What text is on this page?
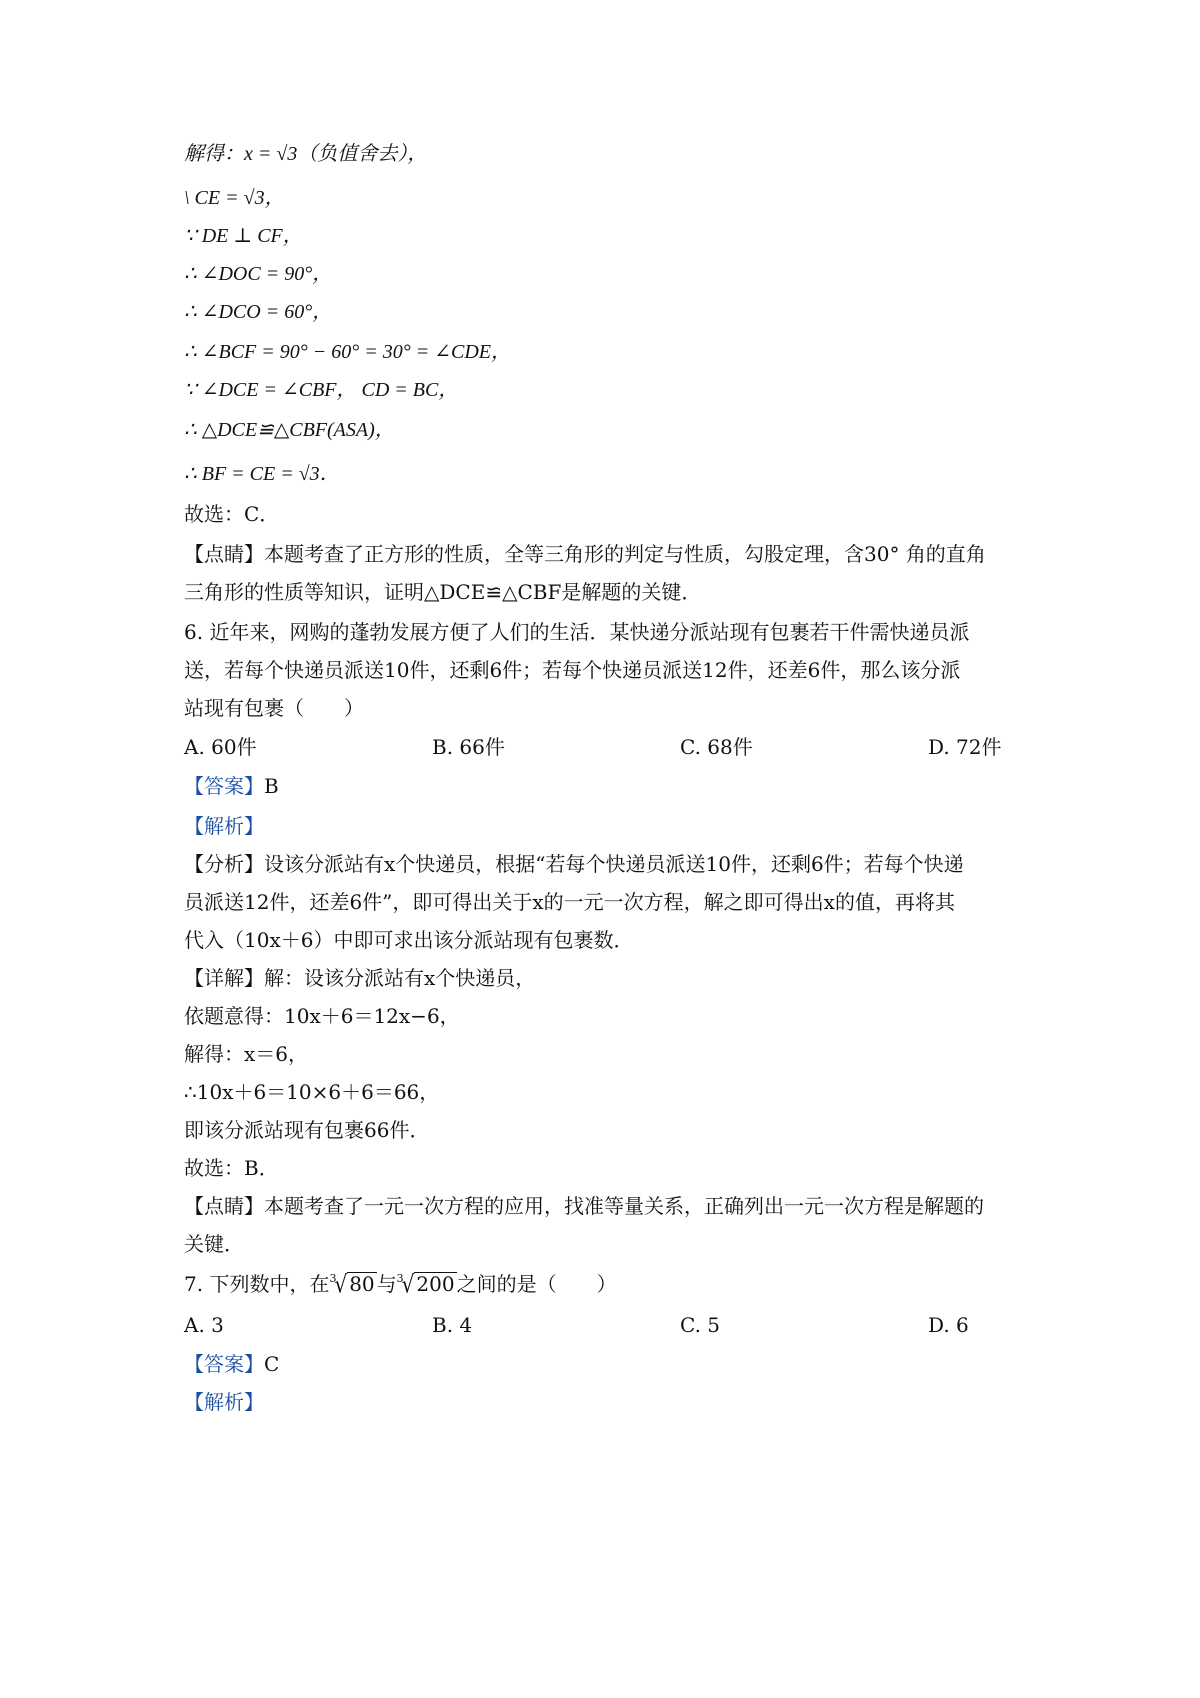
解得：x = √3（负值舍去），
\ CE = √3，
∵ DE ⊥ CF，
∴ ∠DOC = 90°，
∴ ∠DCO = 60°，
∴ ∠BCF = 90° − 60° = 30° = ∠CDE，
∵ ∠DCE = ∠CBF， CD = BC，
∴ △DCE≌△CBF(ASA)，
∴ BF = CE = √3．
故选：C．
【点睛】本题考查了正方形的性质，全等三角形的判定与性质，勾股定理，含30° 角的直角
三角形的性质等知识，证明△DCE≌△CBF是解题的关键．
6. 近年来，网购的蓬勃发展方便了人们的生活．某快递分派站现有包裹若干件需快递员派
送，若每个快递员派送10件，还剩6件；若每个快递员派送12件，还差6件，那么该分派
站现有包裹（　　）
A. 60件	B. 66件	C. 68件	D. 72件
【答案】B
【解析】
【分析】设该分派站有x个快递员，根据“若每个快递员派送10件，还剩6件；若每个快递
员派送12件，还差6件”，即可得出关于x的一元一次方程，解之即可得出x的值，再将其
代入（10x＋6）中即可求出该分派站现有包裹数．
【详解】解：设该分派站有x个快递员，
依题意得：10x＋6＝12x−6，
解得：x＝6，
∴10x＋6＝10×6＋6＝66，
即该分派站现有包裹66件．
故选：B．
【点睛】本题考查了一元一次方程的应用，找准等量关系，正确列出一元一次方程是解题的
关键．
7. 下列数中，在$^3$√ 80 与$^3$√ 200 之间的是（　　）
A. 3	B. 4	C. 5	D. 6
【答案】C
【解析】
